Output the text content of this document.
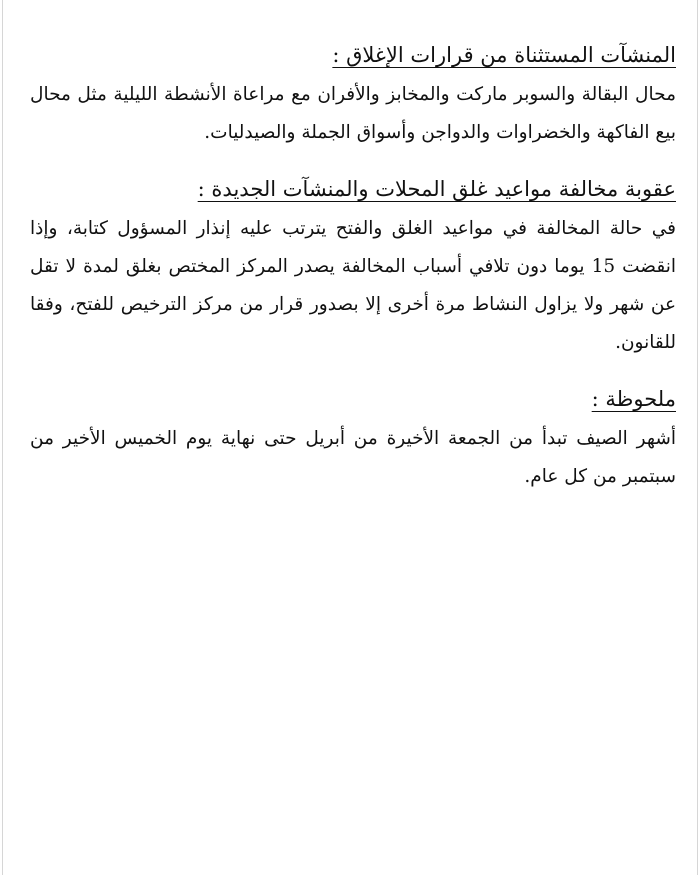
المنشآت المستثناة من قرارات الإغلاق :

محال البقالة والسوبر ماركت والمخابز والأفران مع مراعاة الأنشطة الليلية مثل محال بيع الفاكهة والخضراوات والدواجن وأسواق الجملة والصيدليات.

عقوبة مخالفة مواعيد غلق المحلات والمنشآت الجديدة :

في حالة المخالفة في مواعيد الغلق والفتح يترتب عليه إنذار المسؤول كتابة، وإذا انقضت 15 يوما دون تلافي أسباب المخالفة يصدر المركز المختص بغلق لمدة لا تقل عن شهر ولا يزاول النشاط مرة أخرى إلا بصدور قرار من مركز الترخيص للفتح، وفقا للقانون.

ملحوظة :

أشهر الصيف تبدأ من الجمعة الأخيرة من أبريل حتى نهاية يوم الخميس الأخير من سبتمبر من كل عام.
